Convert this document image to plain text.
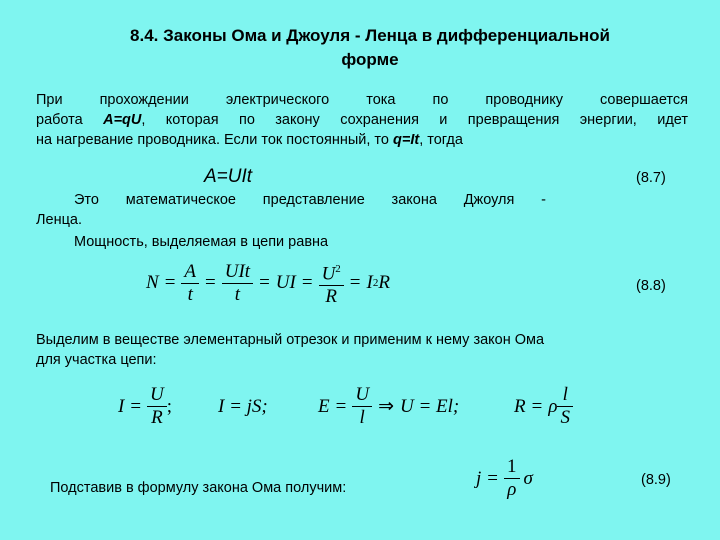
8.4. Законы Ома и Джоуля - Ленца в дифференциальной
форме
При прохождении электрического тока по проводнику совершается
работа A=qU, которая по закону сохранения и превращения энергии, идет
на нагревание проводника. Если ток постоянный, то q=It, тогда
A=UIt	(8.7)
Это математическое представление закона Джоуля -
Ленца.
Мощность, выделяемая в цепи равна
$N = \frac{A}{t} = \frac{\text{UIt}}{t}$ = UI = $\frac{U^2}{R} = I$ 2 R	(8.8)
Выделим в веществе элементарный отрезок и применим к нему закон Ома
для участка цепи:
$I = \frac{U}{R}$ ; I = jS;	$E = \frac{U}{l}$ ⇒ U = El;	R = ρ $\frac{l}{S}$
Подставив в формулу закона Ома получим:	$j = \frac{1}{\rho}$ σ	(8.9)
